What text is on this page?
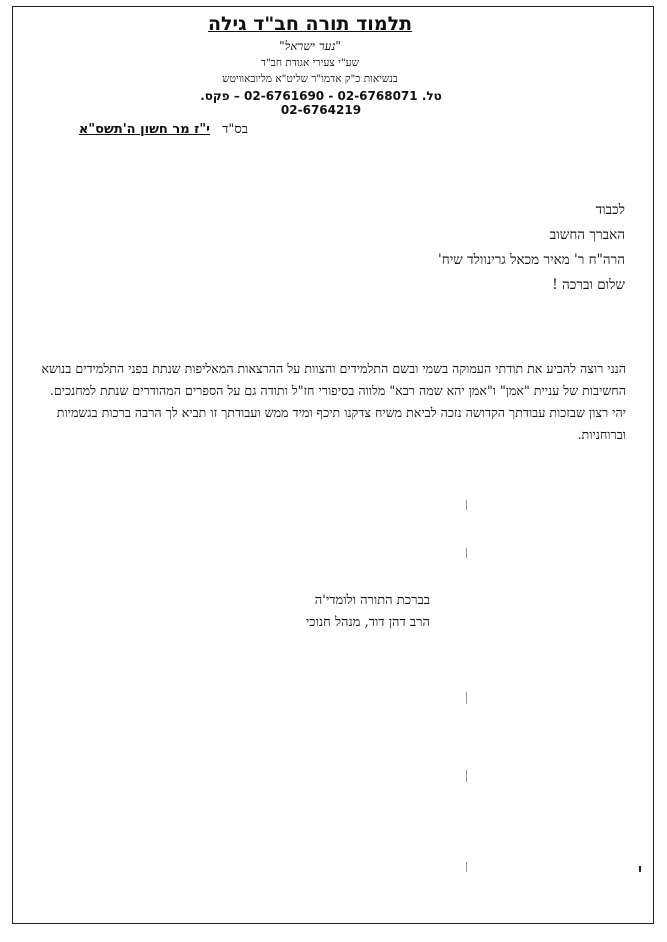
תלמוד תורה חב"ד גילה

"נער ישראל"

שע"י צעירי אגודת חב"ד

בנשיאות כ"ק אדמו"ר שליט"א מליובאוויטש

טל. 02-6768071 - 02-6761690 – פקס. 02-6764219
בס"ד י"ז מר חשון ה'תשס"א
לכבוד
האברך החשוב
הרה"ח ר' מאיר מכאל גרינוולד שיח'
שלום וברכה !

הנני רוצה להביע את תודתי העמוקה בשמי ובשם התלמידים והצוות על ההרצאות המאליפות שנתת בפני התלמידים בנושא החשיבות של עניית "אמן" ו"אמן יהא שמה רבא" מלווה בסיפורי חז"ל ותודה גם על הספרים המהודרים שנתת למחנכים.

יהי רצון שבזכות עבודתך הקדושה נזכה לביאת משיח צדקנו תיכף ומיד ממש ועבודתך זו תביא לך הרבה ברכות בגשמיות וברוחניות.

בברכת התורה ולומדי'ה
הרב דהן דוד, מנהל חנוכי
